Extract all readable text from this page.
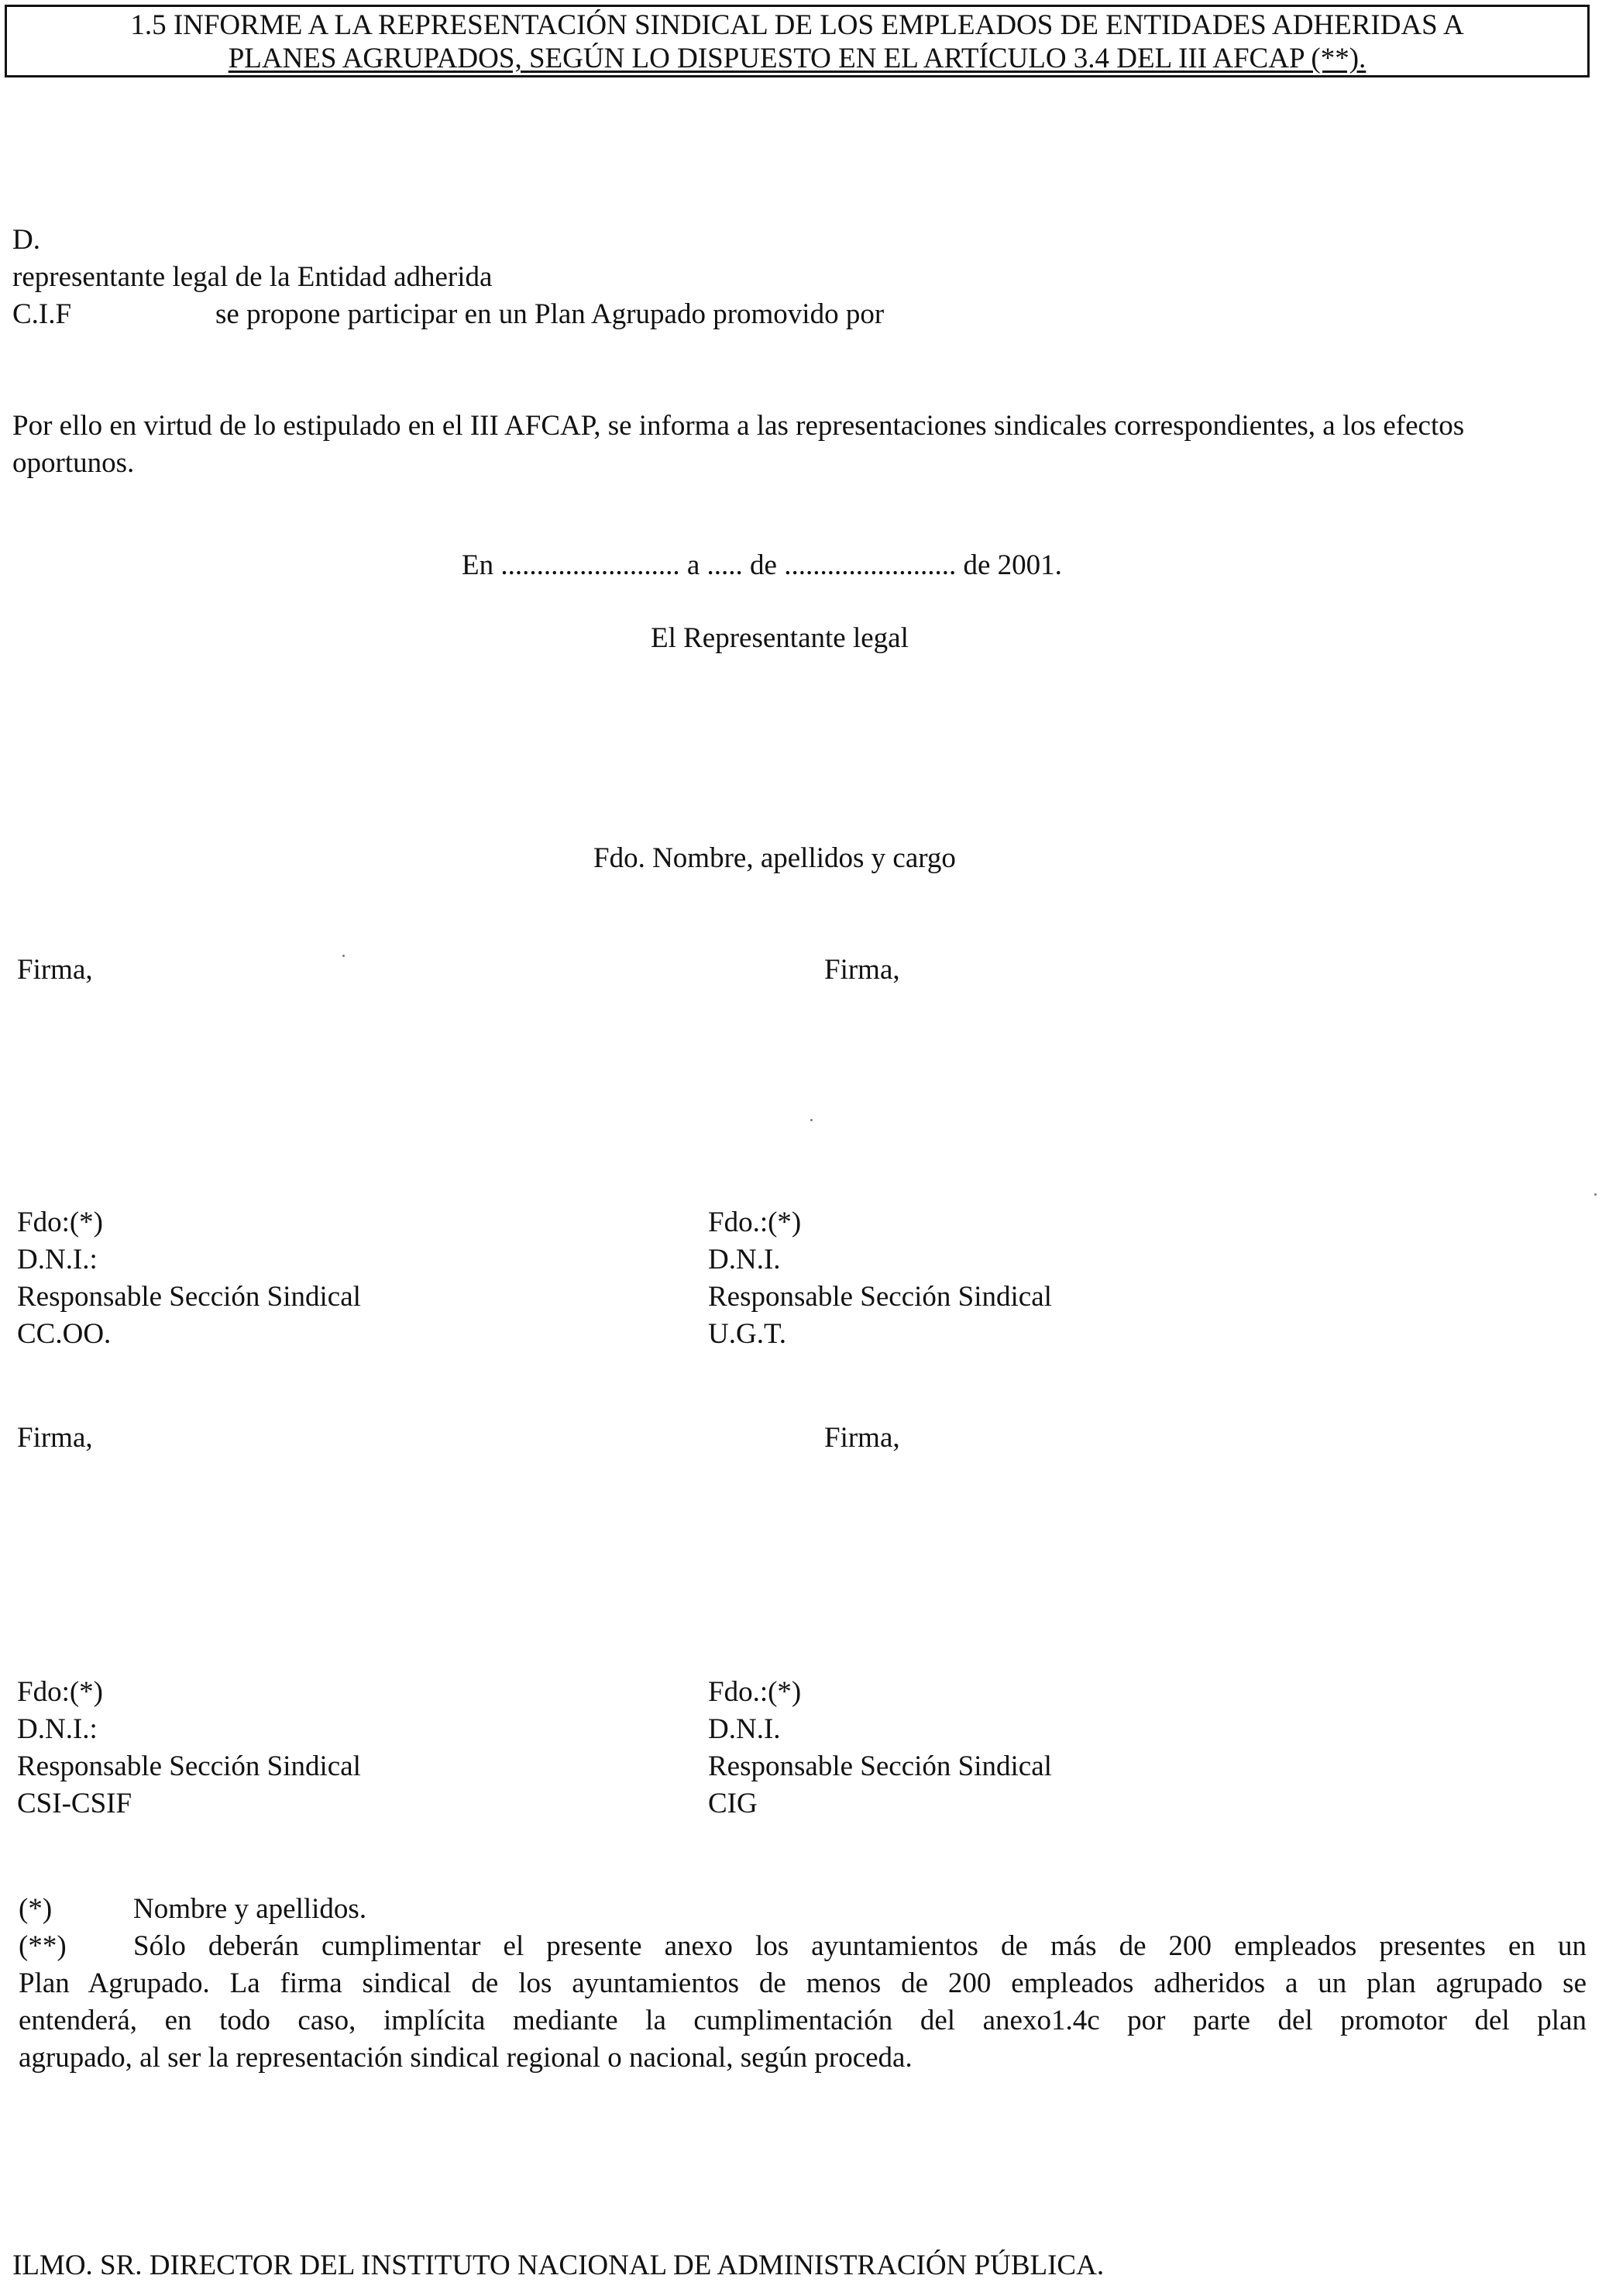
1.5 INFORME A LA REPRESENTACIÓN SINDICAL DE LOS EMPLEADOS DE ENTIDADES ADHERIDAS A
PLANES AGRUPADOS, SEGÚN LO DISPUESTO EN EL ARTÍCULO 3.4 DEL III AFCAP (**).
D.
representante legal de la Entidad adherida
C.I.F	se propone participar en un Plan Agrupado promovido por
Por ello en virtud de lo estipulado en el III AFCAP, se informa a las representaciones sindicales correspondientes, a los efectos oportunos.
En ......................... a ..... de ........................ de 2001.
El Representante legal
Fdo. Nombre, apellidos y cargo
Firma,	Firma,
Fdo:(*)
D.N.I.:
Responsable Sección Sindical
CC.OO.
Fdo.:(*)
D.N.I.
Responsable Sección Sindical
U.G.T.
Firma,	Firma,
Fdo:(*)
D.N.I.:
Responsable Sección Sindical
CSI-CSIF
Fdo.:(*)
D.N.I.
Responsable Sección Sindical
CIG
(*)	Nombre y apellidos.
(**)	Sólo deberán cumplimentar el presente anexo los ayuntamientos de más de 200 empleados presentes en un
Plan Agrupado. La firma sindical de los ayuntamientos de menos de 200 empleados adheridos a un plan agrupado se
entenderá, en todo caso, implícita mediante la cumplimentación del anexo1.4c por parte del promotor del plan
agrupado, al ser la representación sindical regional o nacional, según proceda.
ILMO. SR. DIRECTOR DEL INSTITUTO NACIONAL DE ADMINISTRACIÓN PÚBLICA.
